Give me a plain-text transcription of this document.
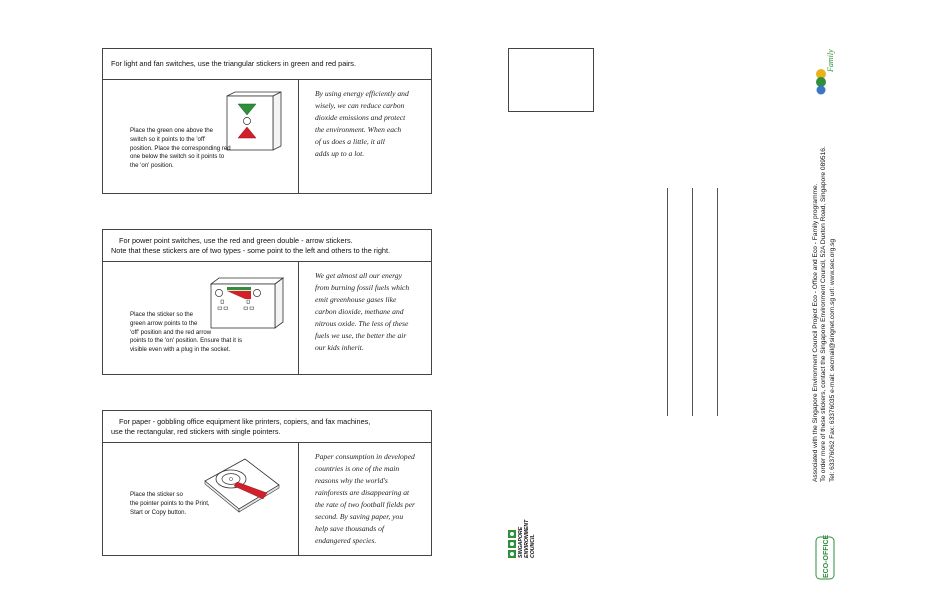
For light and fan switches, use the triangular stickers in green and red pairs.
Place the green one above the
switch so it points to the 'off'
position. Place the corresponding red
one below the switch so it points to
the 'on' position.
By using energy efficiently and
wisely, we can reduce carbon
dioxide emissions and protect
the environment. When each
of us does a little, it all
adds up to a lot.
For power point switches, use the red and green double - arrow stickers.
Note that these stickers are of two types - some point to the left and others to the right.
Place the sticker so the
green arrow points to the
'off' position and the red arrow
points to the 'on' position. Ensure that it is
visible even with a plug in the socket.
We get almost all our energy
from burning fossil fuels which
emit greenhouse gases like
carbon dioxide, methane and
nitrous oxide. The less of these
fuels we use, the better the air
our kids inherit.
For paper - gobbling office equipment like printers, copiers, and fax machines,
use the rectangular, red stickers with single pointers.
Place the sticker so
the pointer points to the Print,
Start or Copy button.
Paper consumption in developed
countries is one of the main
reasons why the world's
rainforests are disappearing at
the rate of two football fields per
second. By saving paper, you
help save thousands of
endangered species.
Associated with the Singapore Environment Council Project Eco - Office and Eco - Family programme. To order more of these stickers, contact the Singapore Environment Council, 52A Duxton Road, Singapore 089516. Tel: 63376062 Fax: 63376035 e-mail: secmail@singnet.com.sg url: www.sec.org.sg
SINGAPORE ENVIRONMENT COUNCIL	ECO-OFFICE
Family
